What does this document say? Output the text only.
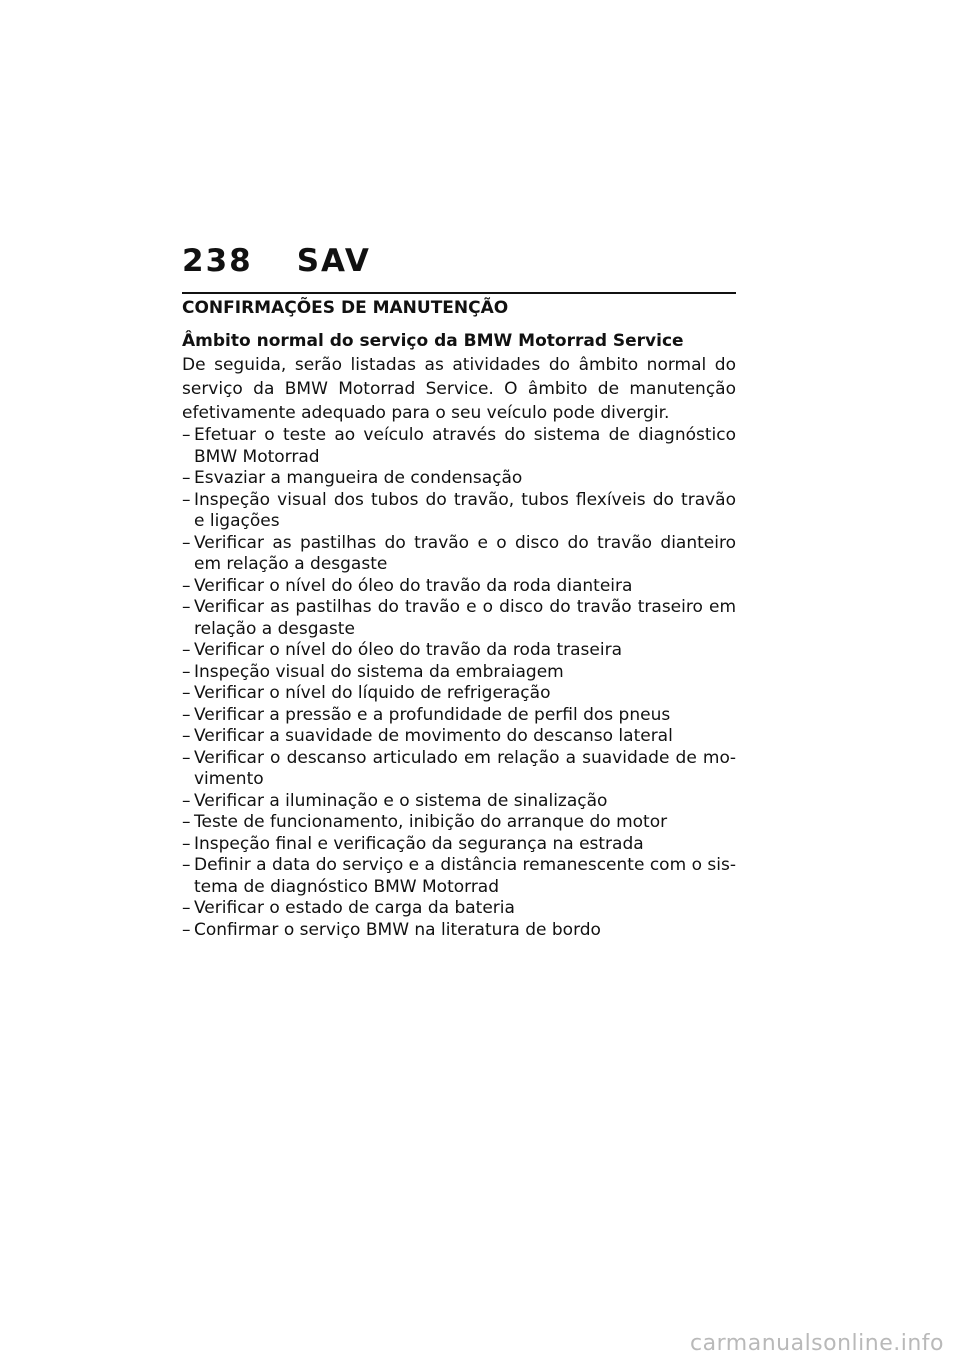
238 SAV

CONFIRMAÇÕES DE MANUTENÇÃO

Âmbito normal do serviço da BMW Motorrad Service

De seguida, serão listadas as atividades do âmbito normal do serviço da BMW Motorrad Service. O âmbito de manutenção efetivamente adequado para o seu veículo pode divergir.

– Efetuar o teste ao veículo através do sistema de diagnóstico BMW Motorrad
– Esvaziar a mangueira de condensação
– Inspeção visual dos tubos do travão, tubos flexíveis do travão e ligações
– Verificar as pastilhas do travão e o disco do travão dianteiro em relação a desgaste
– Verificar o nível do óleo do travão da roda dianteira
– Verificar as pastilhas do travão e o disco do travão traseiro em relação a desgaste
– Verificar o nível do óleo do travão da roda traseira
– Inspeção visual do sistema da embraiagem
– Verificar o nível do líquido de refrigeração
– Verificar a pressão e a profundidade de perfil dos pneus
– Verificar a suavidade de movimento do descanso lateral
– Verificar o descanso articulado em relação a suavidade de movimento
– Verificar a iluminação e o sistema de sinalização
– Teste de funcionamento, inibição do arranque do motor
– Inspeção final e verificação da segurança na estrada
– Definir a data do serviço e a distância remanescente com o sistema de diagnóstico BMW Motorrad
– Verificar o estado de carga da bateria
– Confirmar o serviço BMW na literatura de bordo
carmanualsonline.info
